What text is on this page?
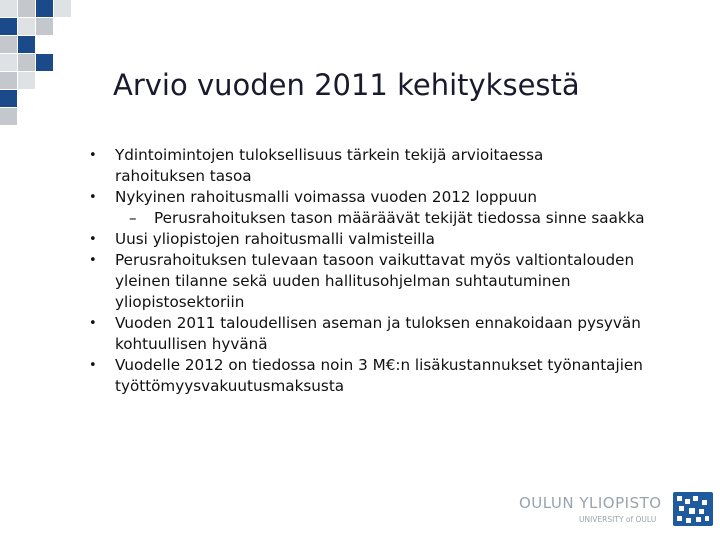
Arvio vuoden 2011 kehityksestä

• Ydintoimintojen tuloksellisuus tärkein tekijä arvioitaessa
rahoituksen tasoa

• Nykyinen rahoitusmalli voimassa vuoden 2012 loppuun

– Perusrahoituksen tason määräävät tekijät tiedossa sinne saakka

• Uusi yliopistojen rahoitusmalli valmisteilla

• Perusrahoituksen tulevaan tasoon vaikuttavat myös valtiontalouden
yleinen tilanne sekä uuden hallitusohjelman suhtautuminen
yliopistosektoriin

• Vuoden 2011 taloudellisen aseman ja tuloksen ennakoidaan pysyvän
kohtuullisen hyvänä

• Vuodelle 2012 on tiedossa noin 3 M€:n lisäkustannukset työnantajien
työttömyysvakuutusmaksusta

OULUN YLIOPISTO
UNIVERSITY of OULU
